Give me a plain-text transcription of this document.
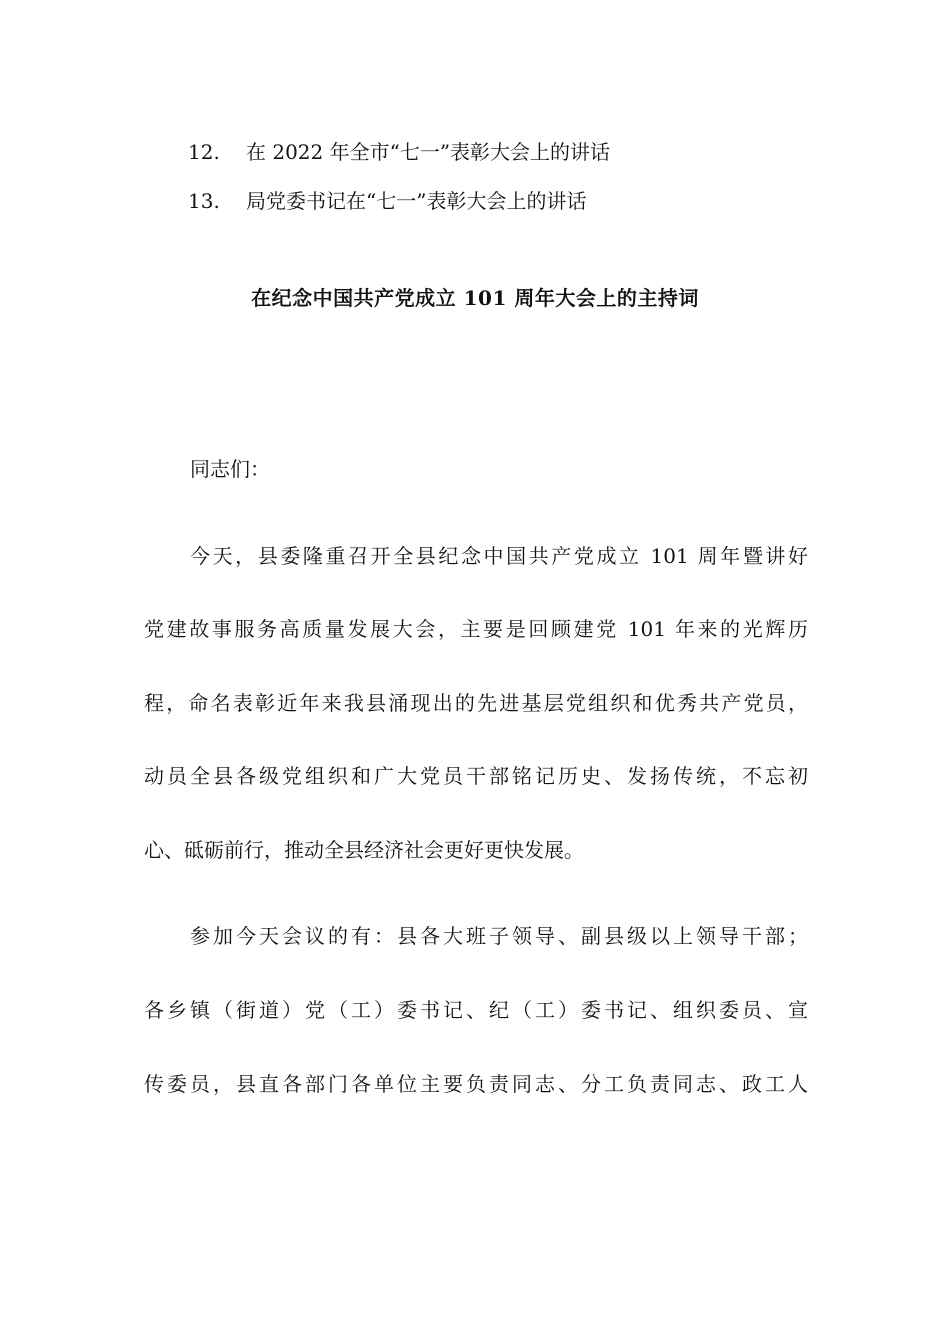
12. 在 2022 年全市“七一”表彰大会上的讲话
13. 局党委书记在“七一”表彰大会上的讲话
在纪念中国共产党成立 101 周年大会上的主持词
同志们：
今天，县委隆重召开全县纪念中国共产党成立 101 周年暨讲好
党建故事服务高质量发展大会，主要是回顾建党 101 年来的光辉历
程，命名表彰近年来我县涌现出的先进基层党组织和优秀共产党员，
动员全县各级党组织和广大党员干部铭记历史、发扬传统，不忘初
心、砥砺前行，推动全县经济社会更好更快发展。
参加今天会议的有：县各大班子领导、副县级以上领导干部；
各乡镇（街道）党（工）委书记、纪（工）委书记、组织委员、宣
传委员，县直各部门各单位主要负责同志、分工负责同志、政工人
